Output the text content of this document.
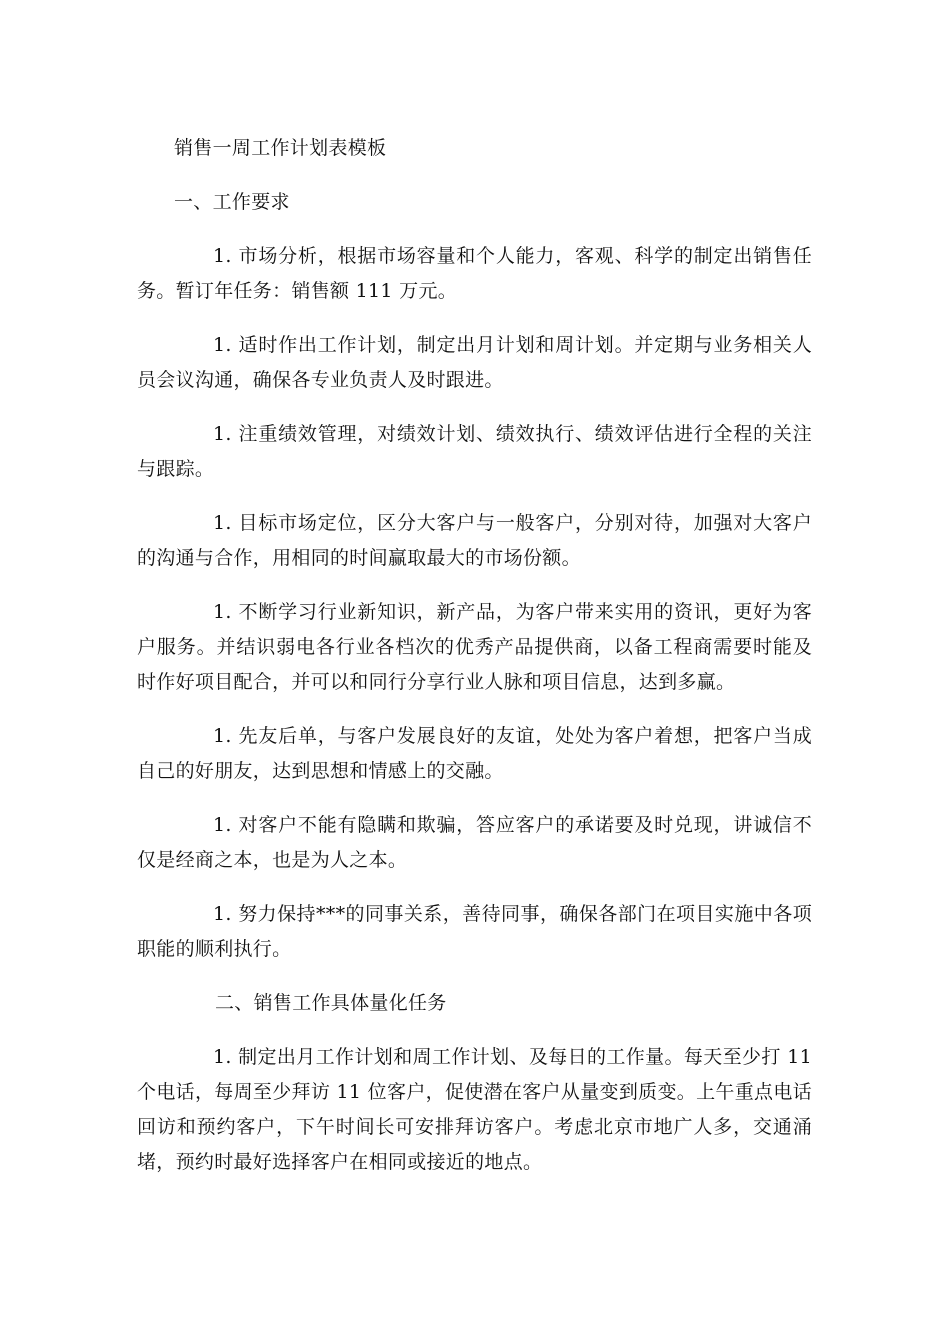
销售一周工作计划表模板
一、工作要求

1. 市场分析，根据市场容量和个人能力，客观、科学的制定出销售任务。暂订年任务：销售额 111 万元。

1. 适时作出工作计划，制定出月计划和周计划。并定期与业务相关人员会议沟通，确保各专业负责人及时跟进。

1. 注重绩效管理，对绩效计划、绩效执行、绩效评估进行全程的关注与跟踪。

1. 目标市场定位，区分大客户与一般客户，分别对待，加强对大客户的沟通与合作，用相同的时间赢取最大的市场份额。

1. 不断学习行业新知识，新产品，为客户带来实用的资讯，更好为客户服务。并结识弱电各行业各档次的优秀产品提供商，以备工程商需要时能及时作好项目配合，并可以和同行分享行业人脉和项目信息，达到多赢。

1. 先友后单，与客户发展良好的友谊，处处为客户着想，把客户当成自己的好朋友，达到思想和情感上的交融。

1. 对客户不能有隐瞒和欺骗，答应客户的承诺要及时兑现，讲诚信不仅是经商之本，也是为人之本。

1. 努力保持***的同事关系，善待同事，确保各部门在项目实施中各项职能的顺利执行。

二、销售工作具体量化任务

1. 制定出月工作计划和周工作计划、及每日的工作量。每天至少打 11 个电话，每周至少拜访 11 位客户，促使潜在客户从量变到质变。上午重点电话回访和预约客户，下午时间长可安排拜访客户。考虑北京市地广人多，交通涌堵，预约时最好选择客户在相同或接近的地点。
